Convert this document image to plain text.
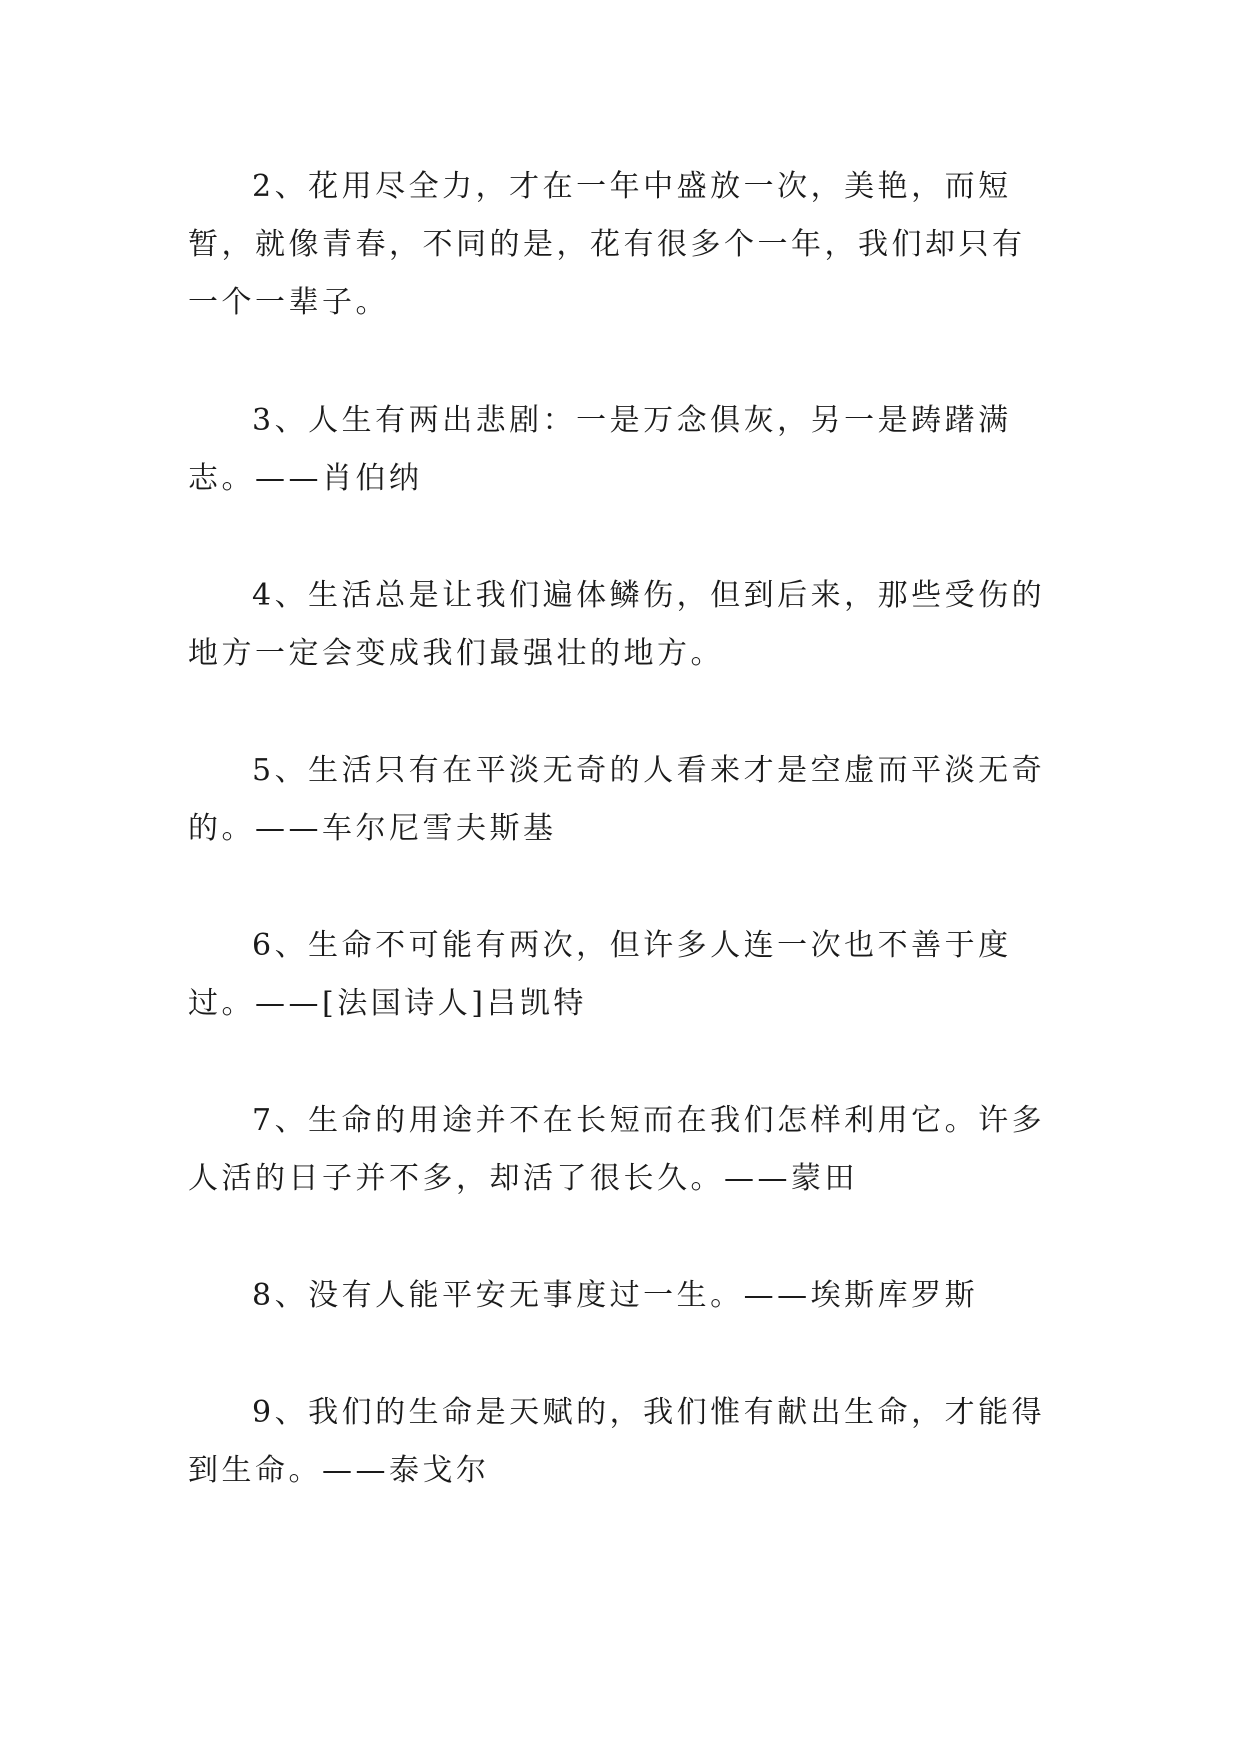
2、花用尽全力，才在一年中盛放一次，美艳，而短暂，就像青春，不同的是，花有很多个一年，我们却只有一个一辈子。

3、人生有两出悲剧：一是万念俱灰，另一是踌躇满志。——肖伯纳

4、生活总是让我们遍体鳞伤，但到后来，那些受伤的地方一定会变成我们最强壮的地方。

5、生活只有在平淡无奇的人看来才是空虚而平淡无奇的。——车尔尼雪夫斯基

6、生命不可能有两次，但许多人连一次也不善于度过。——[法国诗人]吕凯特

7、生命的用途并不在长短而在我们怎样利用它。许多人活的日子并不多，却活了很长久。——蒙田

8、没有人能平安无事度过一生。——埃斯库罗斯

9、我们的生命是天赋的，我们惟有献出生命，才能得到生命。——泰戈尔
